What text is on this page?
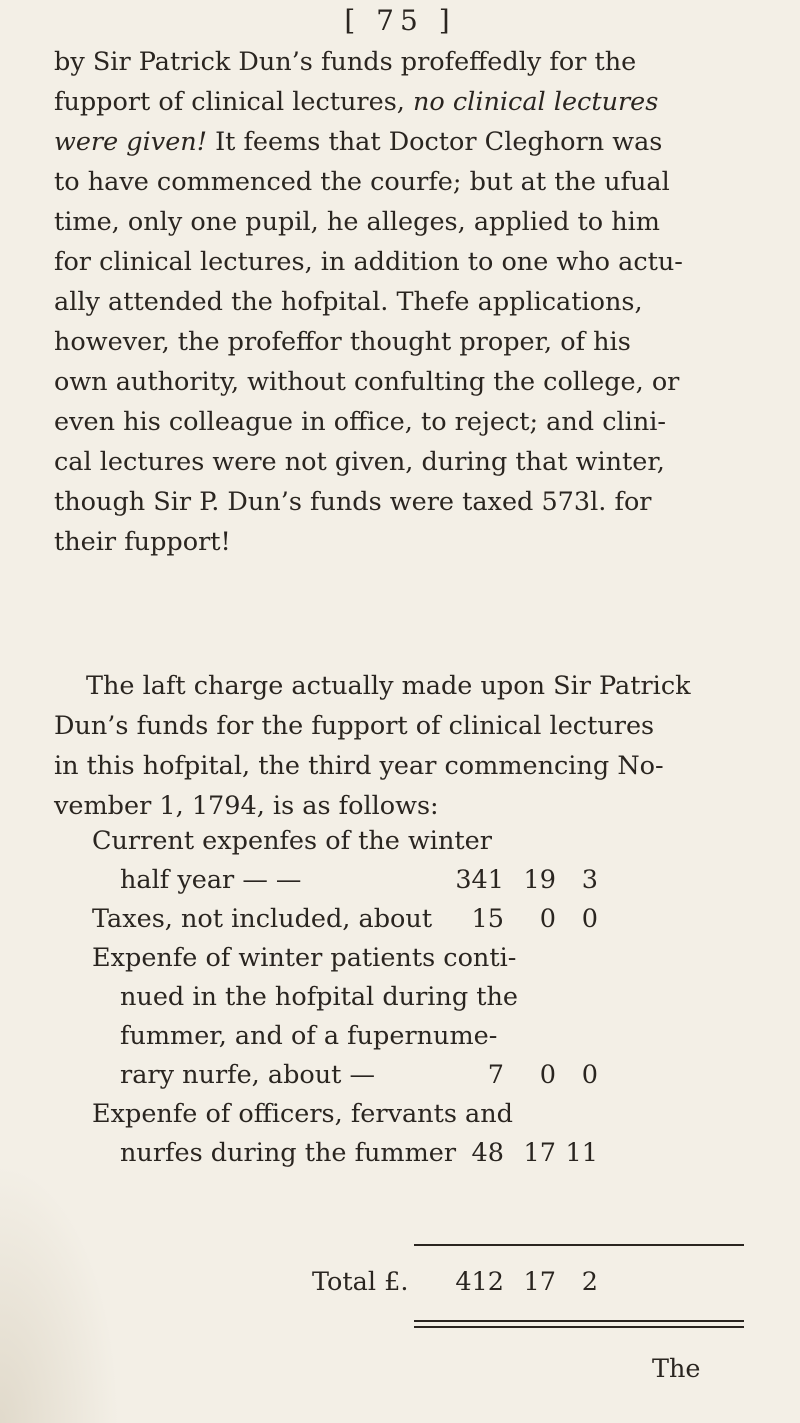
[ 75 ]
by Sir Patrick Dun’s funds profeffedly for the
fupport of clinical lectures, no clinical lectures
were given! It feems that Doctor Cleghorn was
to have commenced the courfe; but at the ufual
time, only one pupil, he alleges, applied to him
for clinical lectures, in addition to one who actu-
ally attended the hofpital. Thefe applications,
however, the profeffor thought proper, of his
own authority, without confulting the college, or
even his colleague in office, to reject; and clini-
cal lectures were not given, during that winter,
though Sir P. Dun’s funds were taxed 573l. for
their fupport!
The laft charge actually made upon Sir Patrick
Dun’s funds for the fupport of clinical lectures
in this hofpital, the third year commencing No-
vember 1, 1794, is as follows:
Current expenfes of the winter
half year — —	341 19	3
Taxes, not included, about	15	0	0
Expenfe of winter patients conti-
nued in the hofpital during the
fummer, and of a fupernume-
rary nurfe, about —	7	0	0
Expenfe of officers, fervants and
nurfes during the fummer 48 17 11
Total £.	412 17	2
The
